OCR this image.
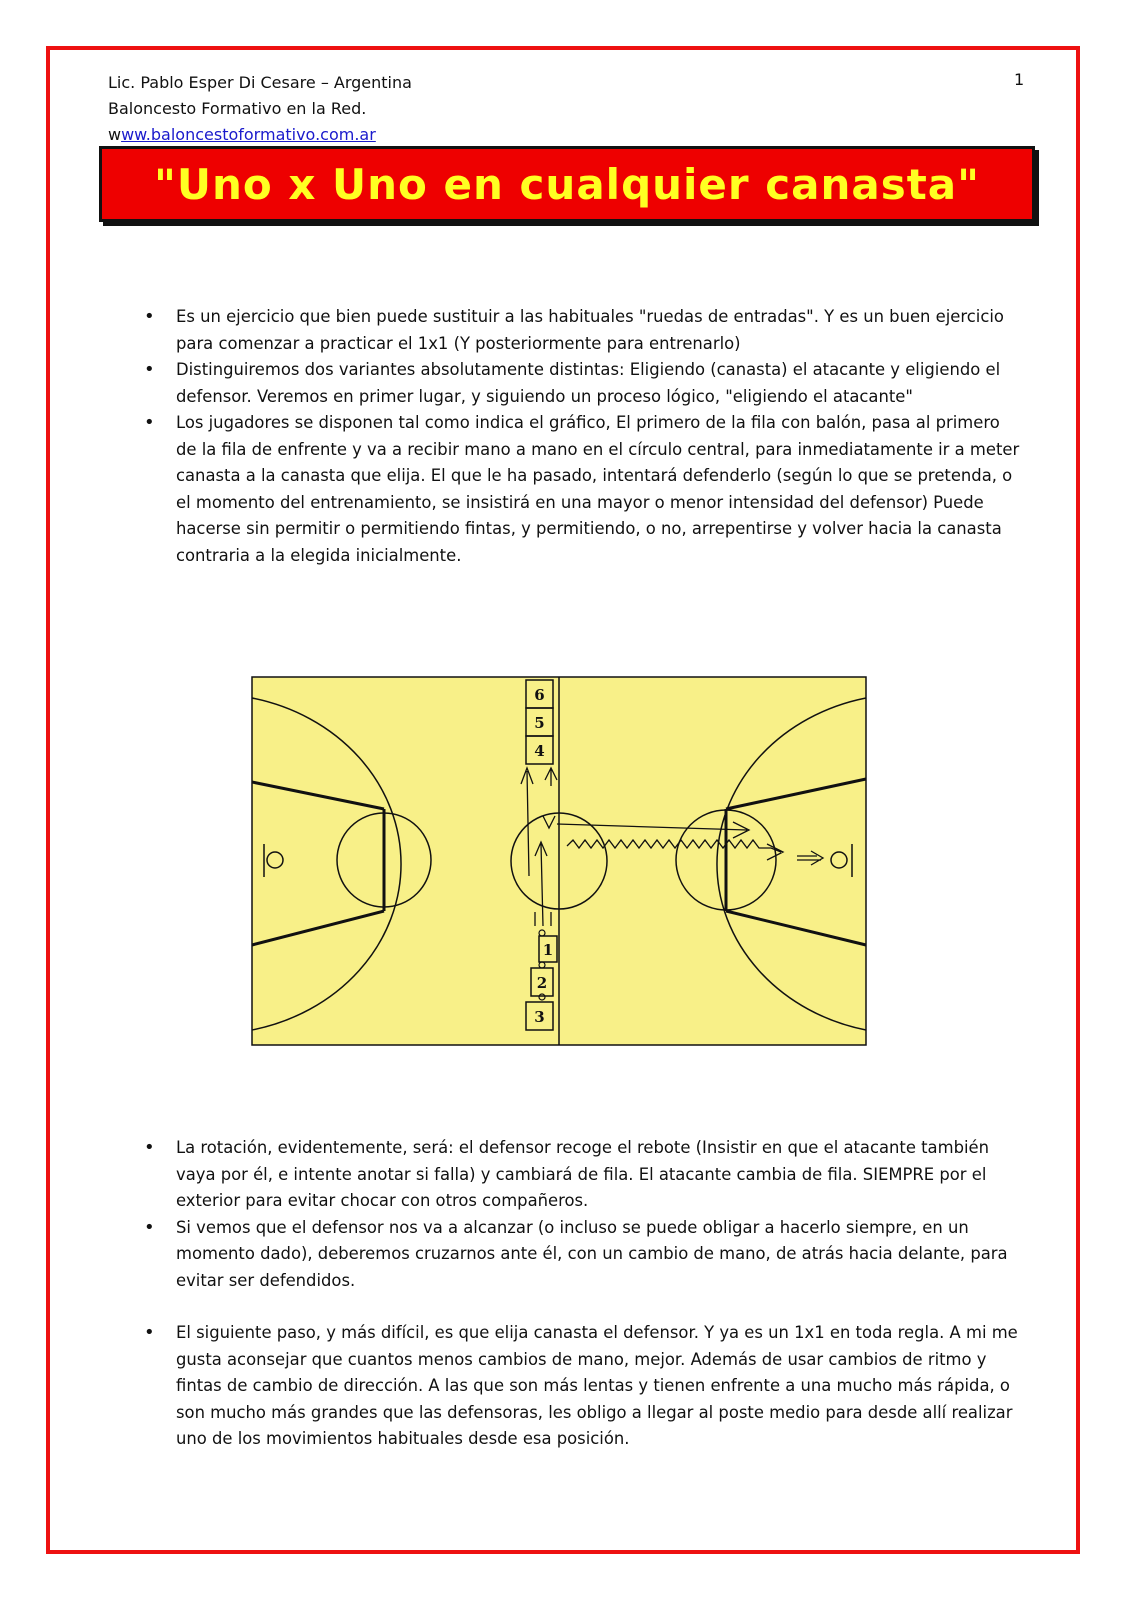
Lic. Pablo Esper Di Cesare – Argentina
Baloncesto Formativo en la Red.
www.baloncestoformativo.com.ar
1
"Uno x Uno en cualquier canasta"
• Es un ejercicio que bien puede sustituir a las habituales "ruedas de entradas". Y es un buen ejercicio para comenzar a practicar el 1x1 (Y posteriormente para entrenarlo)
• Distinguiremos dos variantes absolutamente distintas: Eligiendo (canasta) el atacante y eligiendo el defensor. Veremos en primer lugar, y siguiendo un proceso lógico, "eligiendo el atacante"
• Los jugadores se disponen tal como indica el gráfico, El primero de la fila con balón, pasa al primero de la fila de enfrente y va a recibir mano a mano en el círculo central, para inmediatamente ir a meter canasta a la canasta que elija. El que le ha pasado, intentará defenderlo (según lo que se pretenda, o el momento del entrenamiento, se insistirá en una mayor o menor intensidad del defensor) Puede hacerse sin permitir o permitiendo fintas, y permitiendo, o no, arrepentirse y volver hacia la canasta contraria a la elegida inicialmente.
6
5
4
1
2
3
• La rotación, evidentemente, será: el defensor recoge el rebote (Insistir en que el atacante también vaya por él, e intente anotar si falla) y cambiará de fila. El atacante cambia de fila. SIEMPRE por el exterior para evitar chocar con otros compañeros.
• Si vemos que el defensor nos va a alcanzar (o incluso se puede obligar a hacerlo siempre, en un momento dado), deberemos cruzarnos ante él, con un cambio de mano, de atrás hacia delante, para evitar ser defendidos.
• El siguiente paso, y más difícil, es que elija canasta el defensor. Y ya es un 1x1 en toda regla. A mi me gusta aconsejar que cuantos menos cambios de mano, mejor. Además de usar cambios de ritmo y fintas de cambio de dirección. A las que son más lentas y tienen enfrente a una mucho más rápida, o son mucho más grandes que las defensoras, les obligo a llegar al poste medio para desde allí realizar uno de los movimientos habituales desde esa posición.
